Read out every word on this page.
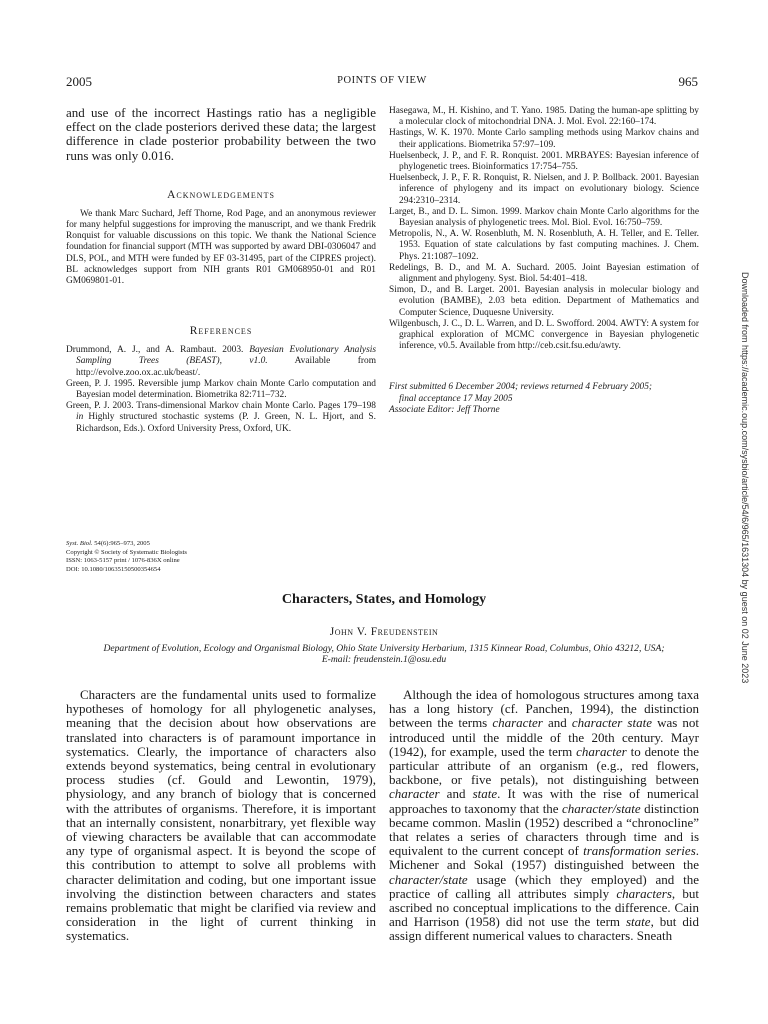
2005	POINTS OF VIEW	965

and use of the incorrect Hastings ratio has a negligible effect on the clade posteriors derived these data; the largest difference in clade posterior probability between the two runs was only 0.016.

Acknowledgements

We thank Marc Suchard, Jeff Thorne, Rod Page, and an anonymous reviewer for many helpful suggestions for improving the manuscript, and we thank Fredrik Ronquist for valuable discussions on this topic. We thank the National Science foundation for financial support (MTH was supported by award DBI-0306047 and DLS, POL, and MTH were funded by EF 03-31495, part of the CIPRES project). BL acknowledges support from NIH grants R01 GM068950-01 and R01 GM069801-01.

References
Drummond, A. J., and A. Rambaut. 2003. Bayesian Evolutionary Analysis Sampling Trees (BEAST), v1.0. Available from http://evolve.zoo.ox.ac.uk/beast/.
Green, P. J. 1995. Reversible jump Markov chain Monte Carlo computation and Bayesian model determination. Biometrika 82:711–732.
Green, P. J. 2003. Trans-dimensional Markov chain Monte Carlo. Pages 179–198 in Highly structured stochastic systems (P. J. Green, N. L. Hjort, and S. Richardson, Eds.). Oxford University Press, Oxford, UK.
Hasegawa, M., H. Kishino, and T. Yano. 1985. Dating the human-ape splitting by a molecular clock of mitochondrial DNA. J. Mol. Evol. 22:160–174.
Hastings, W. K. 1970. Monte Carlo sampling methods using Markov chains and their applications. Biometrika 57:97–109.
Huelsenbeck, J. P., and F. R. Ronquist. 2001. MRBAYES: Bayesian inference of phylogenetic trees. Bioinformatics 17:754–755.
Huelsenbeck, J. P., F. R. Ronquist, R. Nielsen, and J. P. Bollback. 2001. Bayesian inference of phylogeny and its impact on evolutionary biology. Science 294:2310–2314.
Larget, B., and D. L. Simon. 1999. Markov chain Monte Carlo algorithms for the Bayesian analysis of phylogenetic trees. Mol. Biol. Evol. 16:750–759.
Metropolis, N., A. W. Rosenbluth, M. N. Rosenbluth, A. H. Teller, and E. Teller. 1953. Equation of state calculations by fast computing machines. J. Chem. Phys. 21:1087–1092.
Redelings, B. D., and M. A. Suchard. 2005. Joint Bayesian estimation of alignment and phylogeny. Syst. Biol. 54:401–418.
Simon, D., and B. Larget. 2001. Bayesian analysis in molecular biology and evolution (BAMBE), 2.03 beta edition. Department of Mathematics and Computer Science, Duquesne University.
Wilgenbusch, J. C., D. L. Warren, and D. L. Swofford. 2004. AWTY: A system for graphical exploration of MCMC convergence in Bayesian phylogenetic inference, v0.5. Available from http://ceb.csit.fsu.edu/awty.
First submitted 6 December 2004; reviews returned 4 February 2005;
final acceptance 17 May 2005
Associate Editor: Jeff Thorne
Syst. Biol. 54(6):965–973, 2005
Copyright © Society of Systematic Biologists
ISSN: 1063-5157 print / 1076-836X online
DOI: 10.1080/10635150500354654
Characters, States, and Homology
John V. Freudenstein
Department of Evolution, Ecology and Organismal Biology, Ohio State University Herbarium, 1315 Kinnear Road, Columbus, Ohio 43212, USA;
E-mail: freudenstein.1@osu.edu

Characters are the fundamental units used to formalize hypotheses of homology for all phylogenetic analyses, meaning that the decision about how observations are translated into characters is of paramount importance in systematics. Clearly, the importance of characters also extends beyond systematics, being central in evolutionary process studies (cf. Gould and Lewontin, 1979), physiology, and any branch of biology that is concerned with the attributes of organisms. Therefore, it is important that an internally consistent, nonarbitrary, yet flexible way of viewing characters be available that can accommodate any type of organismal aspect. It is beyond the scope of this contribution to attempt to solve all problems with character delimitation and coding, but one important issue involving the distinction between characters and states remains problematic that might be clarified via review and consideration in the light of current thinking in systematics.

Although the idea of homologous structures among taxa has a long history (cf. Panchen, 1994), the distinction between the terms character and character state was not introduced until the middle of the 20th century. Mayr (1942), for example, used the term character to denote the particular attribute of an organism (e.g., red flowers, backbone, or five petals), not distinguishing between character and state. It was with the rise of numerical approaches to taxonomy that the character/state distinction became common. Maslin (1952) described a “chronocline” that relates a series of characters through time and is equivalent to the current concept of transformation series. Michener and Sokal (1957) distinguished between the character/state usage (which they employed) and the practice of calling all attributes simply characters, but ascribed no conceptual implications to the difference. Cain and Harrison (1958) did not use the term state, but did assign different numerical values to characters. Sneath

Downloaded from https://academic.oup.com/sysbio/article/54/6/965/1631304 by guest on 02 June 2023
